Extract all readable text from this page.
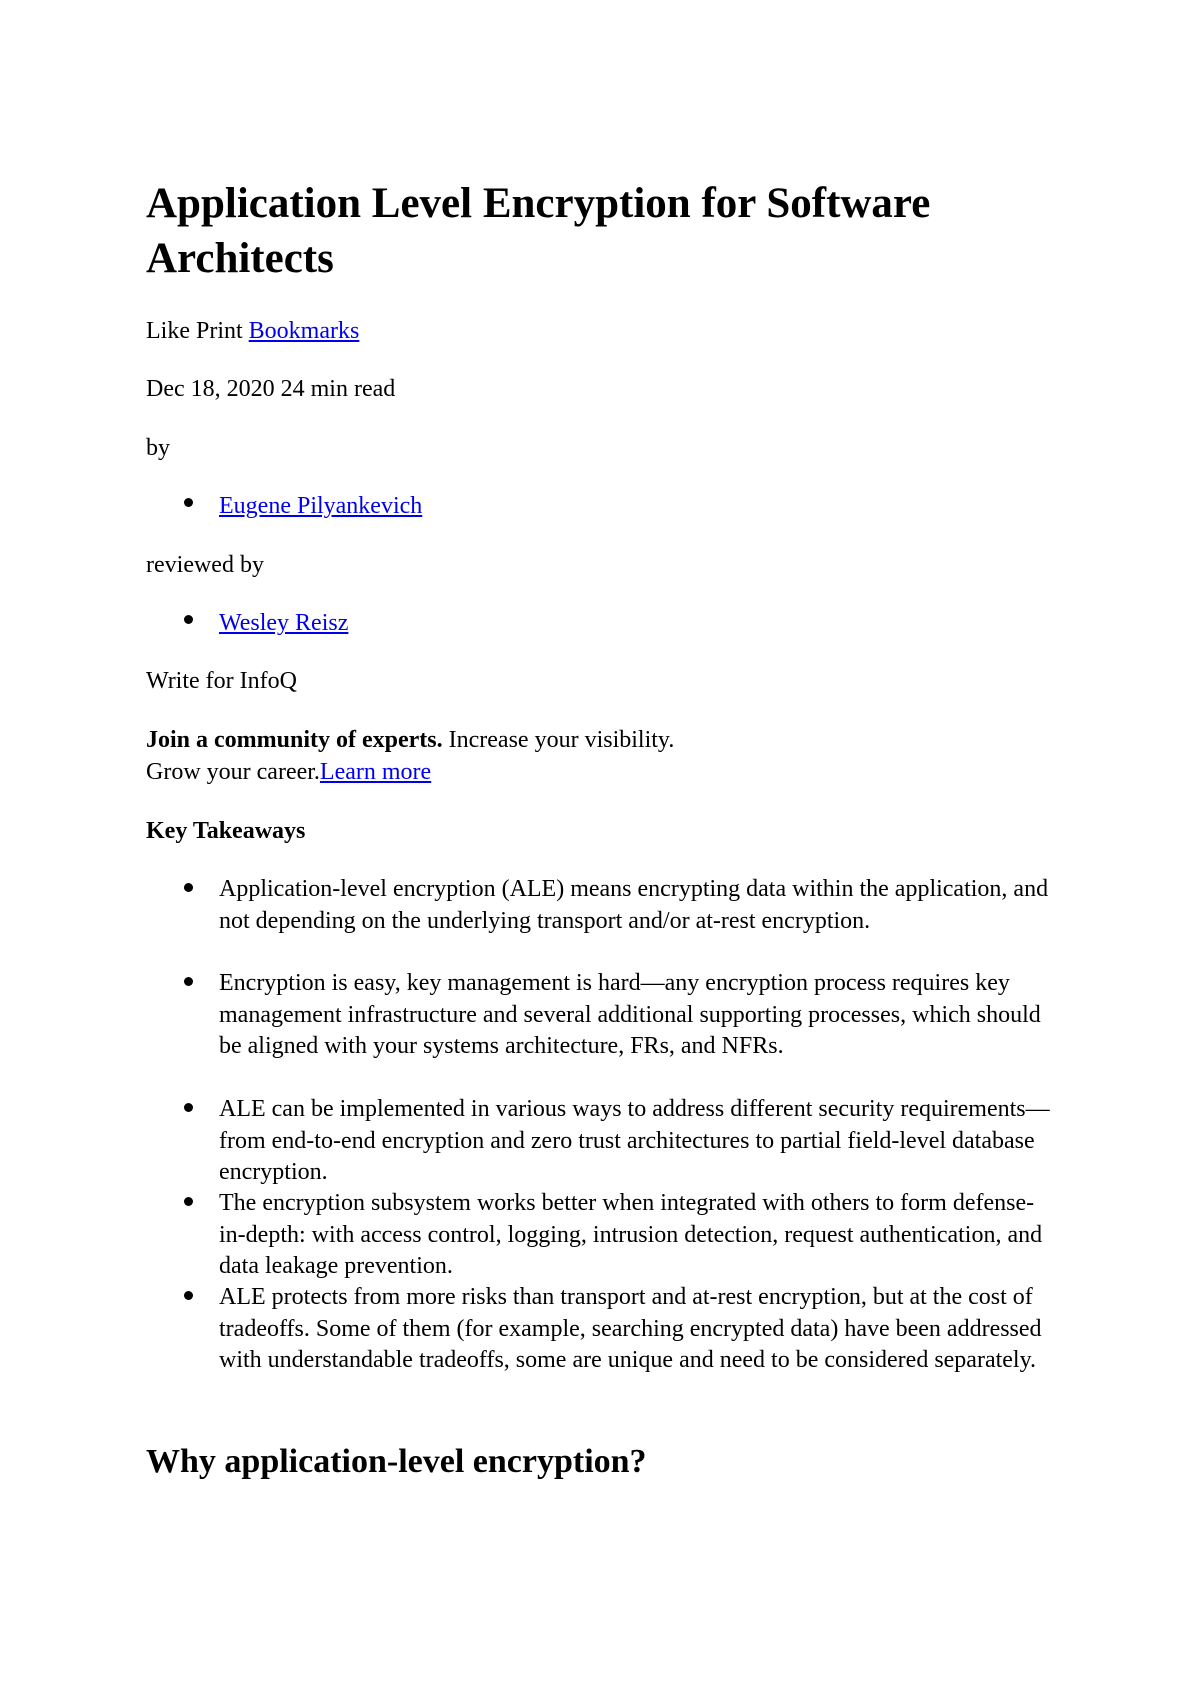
Application Level Encryption for Software Architects

Like Print Bookmarks

Dec 18, 2020 24 min read

by

Eugene Pilyankevich

reviewed by

Wesley Reisz

Write for InfoQ

Join a community of experts. Increase your visibility.

Grow your career.Learn more

Key Takeaways

Application-level encryption (ALE) means encrypting data within the application, and not depending on the underlying transport and/or at-rest encryption.

Encryption is easy, key management is hard—any encryption process requires key management infrastructure and several additional supporting processes, which should be aligned with your systems architecture, FRs, and NFRs.

ALE can be implemented in various ways to address different security requirements—from end-to-end encryption and zero trust architectures to partial field-level database encryption.

The encryption subsystem works better when integrated with others to form defense-in-depth: with access control, logging, intrusion detection, request authentication, and data leakage prevention.

ALE protects from more risks than transport and at-rest encryption, but at the cost of tradeoffs. Some of them (for example, searching encrypted data) have been addressed with understandable tradeoffs, some are unique and need to be considered separately.

Why application-level encryption?
